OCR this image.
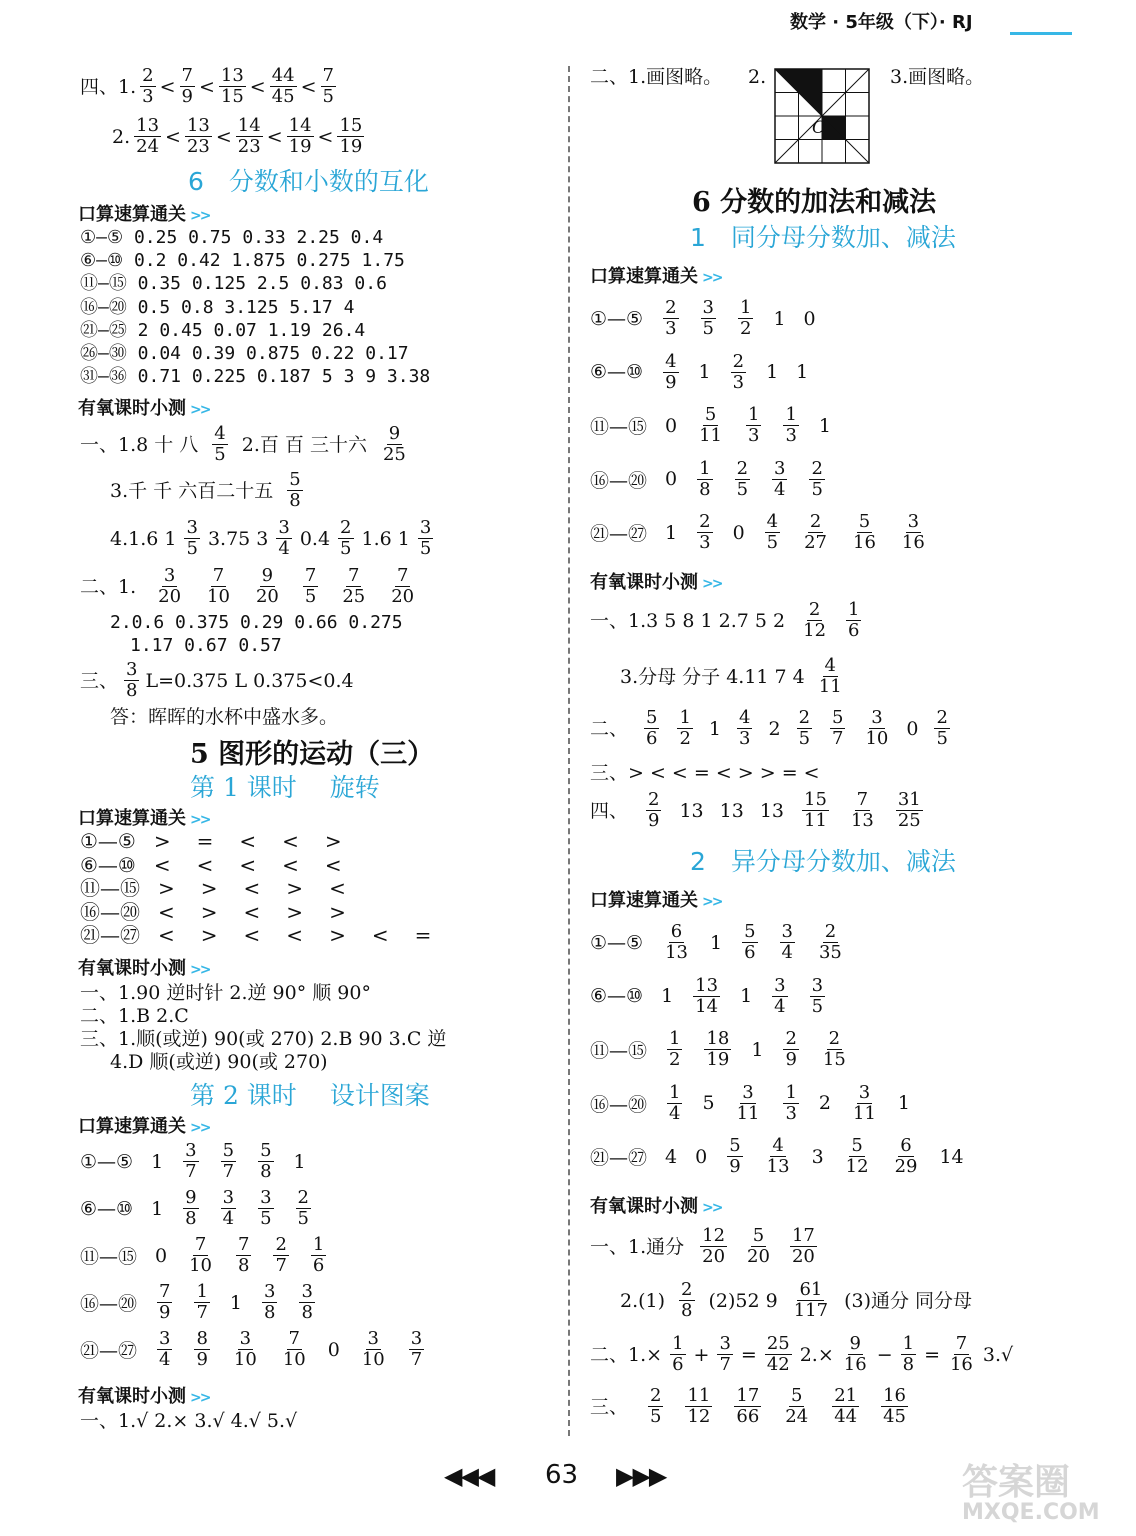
数学 · 5年级（下）· RJ
四、1. $\frac{2}{3} < \frac{7}{9} < \frac{13}{15} < \frac{44}{45} < \frac{7}{5}$
2. $\frac{13}{24} < \frac{13}{23} < \frac{14}{23} < \frac{14}{19} < \frac{15}{19}$
6　分数和小数的互化
口算速算通关 >>
①—⑤ 0.25 0.75 0.33 2.25 0.4
⑥—⑩ 0.2 0.42 1.875 0.275 1.75
⑪—⑮ 0.35 0.125 2.5 0.83 0.6
⑯—⑳ 0.5 0.8 3.125 5.17 4
㉑—㉕ 2 0.45 0.07 1.19 26.4
㉖—㉚ 0.04 0.39 0.875 0.22 0.17
㉛—㊱ 0.71 0.225 0.187 5 3 9 3.38
有氧课时小测 >>
一、1.8 十 八 $\frac{4}{5} 2$.百 百 三十六 $\frac{9}{25}$
3.千 千 六百二十五 $\frac{5}{8}$
4.1.6 $1 \frac{3}{5} 3.75$ $3 \frac{3}{4} 0.4 \frac{2}{5} 1.6$ $1 \frac{3}{5}$
二、1. $\frac{3}{20} \frac{7}{10} \frac{9}{20} \frac{7}{5} \frac{7}{25} \frac{7}{20}$
2.0.6 0.375 0.29 0.66 0.275
1.17 0.67 0.57
三、 $\frac{3}{8} L=0.375$ L 0.375<0.4
答：晖晖的水杯中盛水多。
5 图形的运动（三）
第 1 课时　 旋转
口算速算通关 >>
①—⑤ > = < < >
⑥—⑩ < < < < <
⑪—⑮ > > < > <
⑯—⑳ < > < > >
㉑—㉗ < > < < > < =
有氧课时小测 >>
一、1.90 逆时针 2.逆 90° 顺 90°
二、1.B 2.C
三、1.顺(或逆) 90(或 270) 2.B 90 3.C 逆
4.D 顺(或逆) 90(或 270)
第 2 课时　 设计图案
口算速算通关 >>
①—⑤ $1 \frac{3}{7} \frac{5}{7} \frac{5}{8} 1$
⑥—⑩ $1 \frac{9}{8} \frac{3}{4} \frac{3}{5} \frac{2}{5}$
⑪—⑮ $0 \frac{7}{10} \frac{7}{8} \frac{2}{7} \frac{1}{6}$
⑯—⑳ $\frac{7}{9} \frac{1}{7} 1 \frac{3}{8} \frac{3}{8}$
㉑—㉗ $\frac{3}{4} \frac{8}{9} \frac{3}{10} \frac{7}{10} 0 \frac{3}{10} \frac{3}{7}$
有氧课时小测 >>
一、1.√ 2.× 3.√ 4.√ 5.√
二、1.画图略。 2.
O
3.画图略。
6 分数的加法和减法
1　同分母分数加、减法
口算速算通关 >>
①—⑤ $\frac{2}{3} \frac{3}{5} \frac{1}{2} 1$ 0
⑥—⑩ $\frac{4}{9} 1 \frac{2}{3} 1$ 1
⑪—⑮ $0 \frac{5}{11} \frac{1}{3} \frac{1}{3} 1$
⑯—⑳ $0 \frac{1}{8} \frac{2}{5} \frac{3}{4} \frac{2}{5}$
㉑—㉗ $1 \frac{2}{3} 0 \frac{4}{5} \frac{2}{27} \frac{5}{16} \frac{3}{16}$
有氧课时小测 >>
一、1.3 5 8 1 2.7 5 $2 \frac{2}{12} \frac{1}{6}$
3.分母 分子 4.11 7 $4 \frac{4}{11}$
二、 $\frac{5}{6} \frac{1}{2} 1 \frac{4}{3} 2 \frac{2}{5} \frac{5}{7} \frac{3}{10} 0 \frac{2}{5}$
三、> < < = < > > = <
四、 $\frac{2}{9} 13$ 13 $13 \frac{15}{11} \frac{7}{13} \frac{31}{25}$
2　异分母分数加、减法
口算速算通关 >>
①—⑤ $\frac{6}{13} 1 \frac{5}{6} \frac{3}{4} \frac{2}{35}$
⑥—⑩ $1 \frac{13}{14} 1 \frac{3}{4} \frac{3}{5}$
⑪—⑮ $\frac{1}{2} \frac{18}{19} 1 \frac{2}{9} \frac{2}{15}$
⑯—⑳ $\frac{1}{4} 5 \frac{3}{11} \frac{1}{3} 2 \frac{3}{11} 1$
㉑—㉗ 4 $0 \frac{5}{9} \frac{4}{13} 3 \frac{5}{12} \frac{6}{29} 14$
有氧课时小测 >>
一、1.通分 $\frac{12}{20} \frac{5}{20} \frac{17}{20}$
$2.(1) \frac{2}{8} (2)52$ $9 \frac{61}{117} (3)$通分 同分母
二、$1.\times \frac{1}{6} + \frac{3}{7} = \frac{25}{42} 2.\times \frac{9}{16} - \frac{1}{8} = \frac{7}{16} 3.√$
三、 $\frac{2}{5} \frac{11}{12} \frac{17}{66} \frac{5}{24} \frac{21}{44} \frac{16}{45}$
◀◀◀ 63 ▶▶▶	答案圈
MXQE.COM
